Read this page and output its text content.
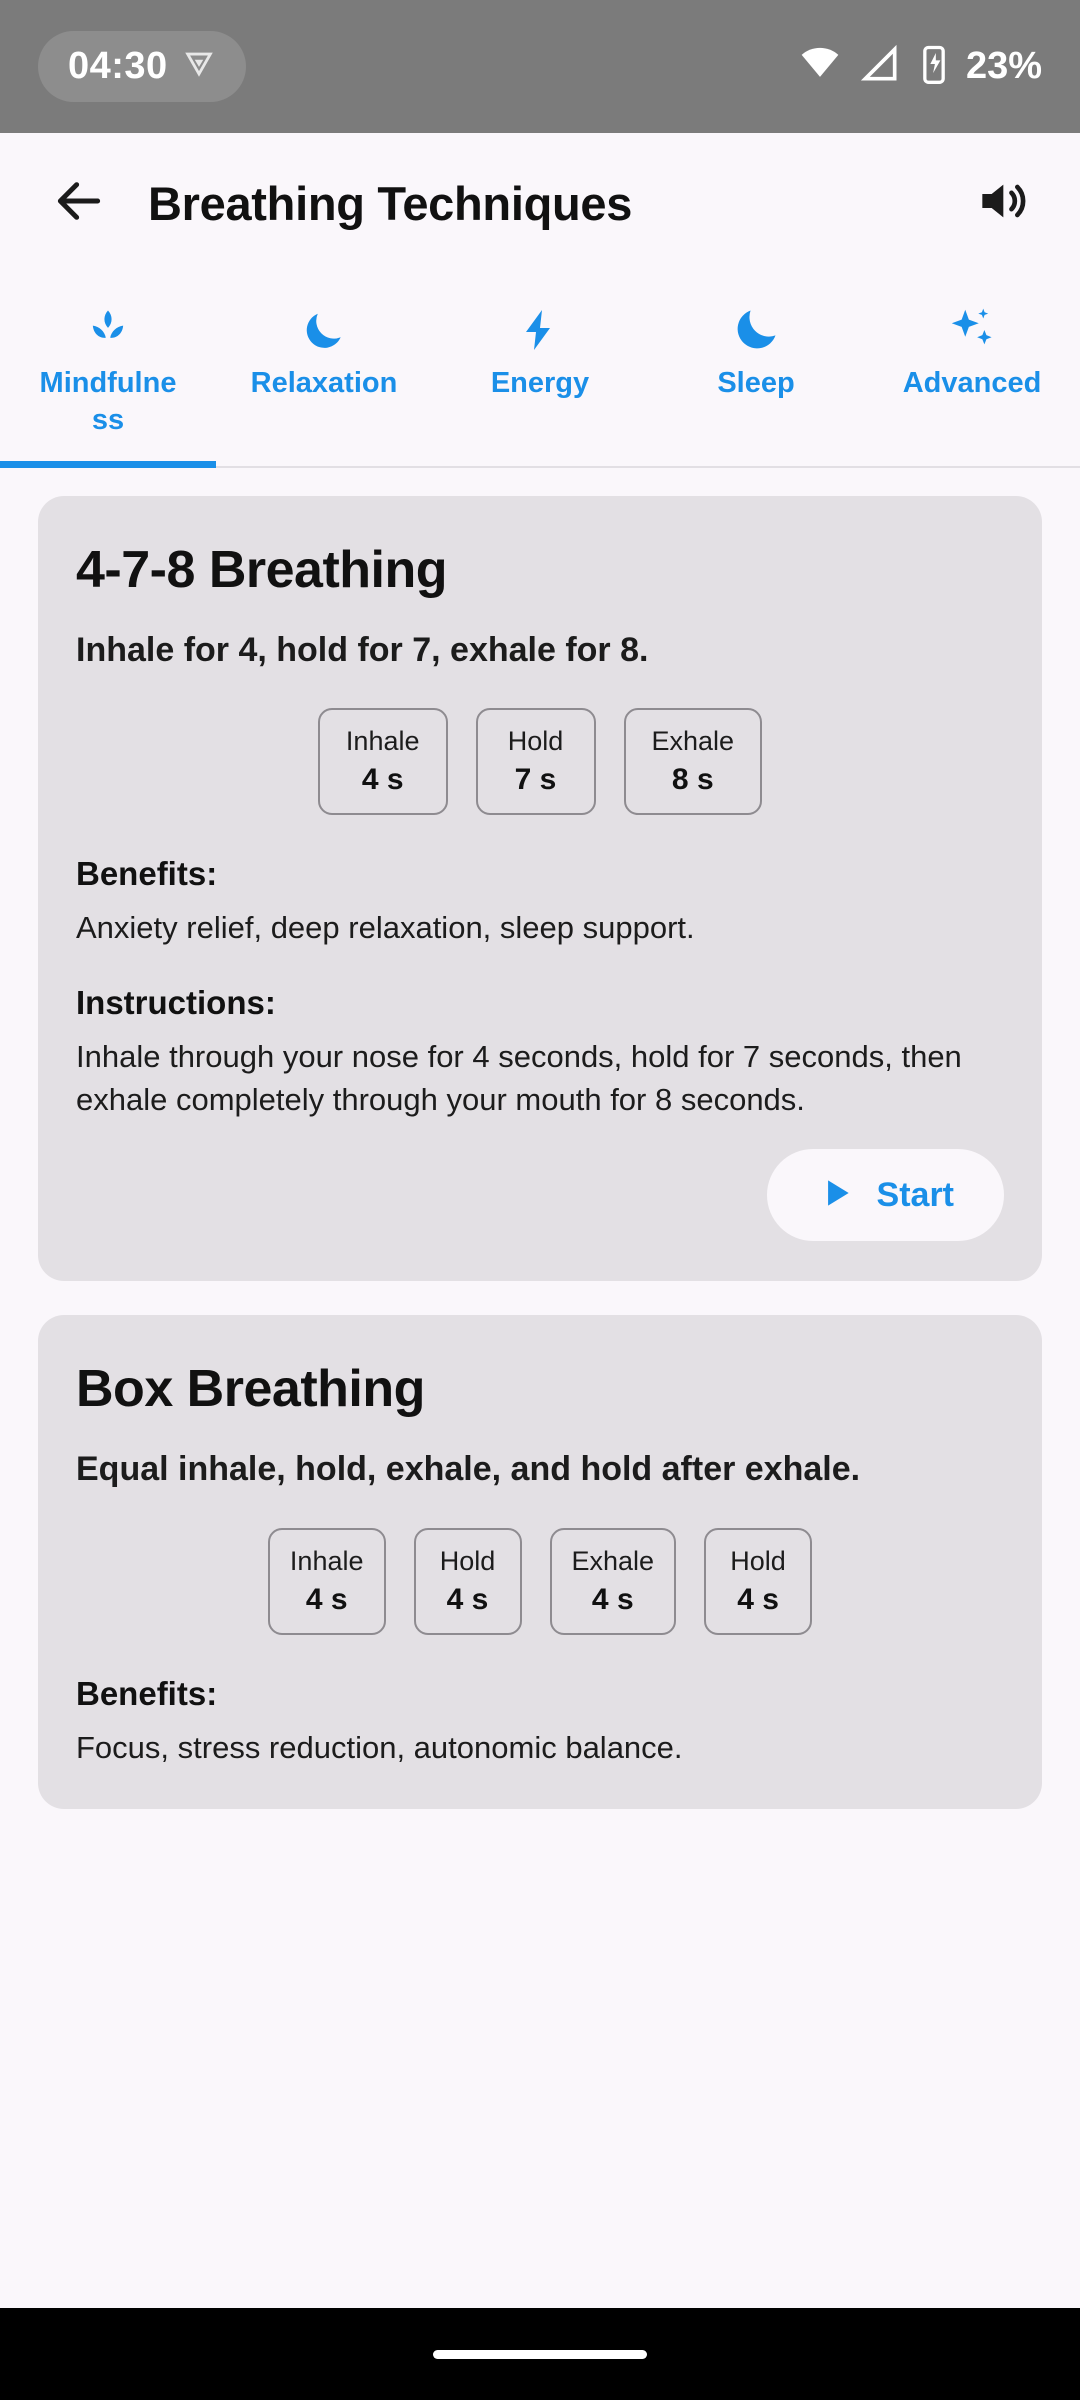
04:30	23%
Breathing Techniques
Mindfulness
Relaxation	Energy	Sleep	Advanced
4-7-8 Breathing
Inhale for 4, hold for 7, exhale for 8.
Inhale
4 s
Hold
7 s
Exhale
8 s
Benefits:
Anxiety relief, deep relaxation, sleep support.
Instructions:
Inhale through your nose for 4 seconds, hold for 7 seconds, then exhale completely through your mouth for 8 seconds.
Start
Box Breathing
Equal inhale, hold, exhale, and hold after exhale.
Inhale
4 s
Hold
4 s
Exhale
4 s
Hold
4 s
Benefits:
Focus, stress reduction, autonomic balance.
